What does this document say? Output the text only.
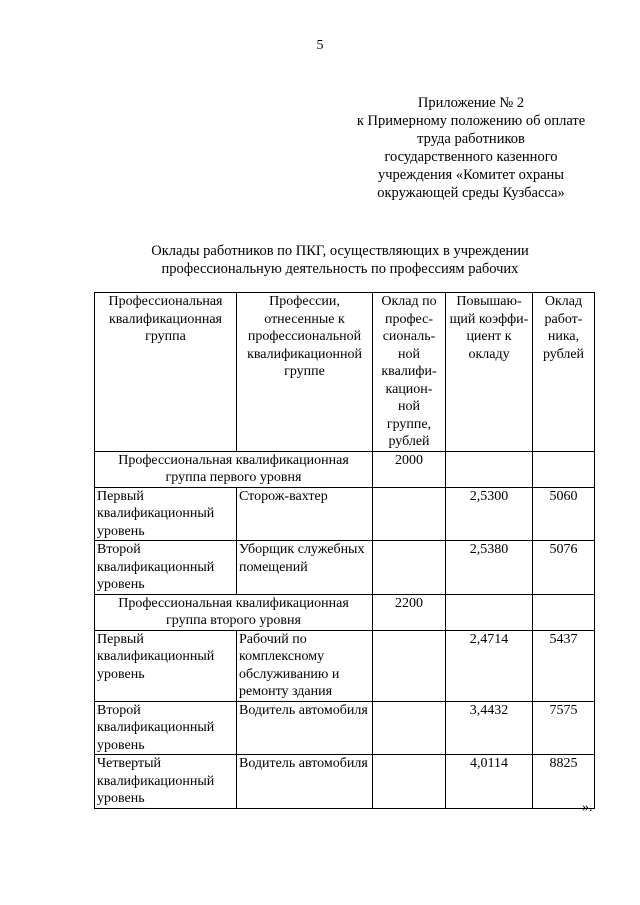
5
Приложение № 2
к Примерному положению об оплате
труда работников
государственного казенного
учреждения «Комитет охраны
окружающей среды Кузбасса»
Оклады работников по ПКГ, осуществляющих в учреждении
профессиональную деятельность по профессиям рабочих
Профессиональная квалификационная группа	Профессии, отнесенные к профессиональной квалификационной группе	Оклад по профес-сиональ-ной квалифи-кацион-ной группе, рублей	Повышаю-щий коэффи-циент к окладу	Оклад работ-ника, рублей
Профессиональная квалификационная группа первого уровня		2000		
Первый квалификационный уровень	Сторож-вахтер		2,5300	5060
Второй квалификационный уровень	Уборщик служебных помещений		2,5380	5076
Профессиональная квалификационная группа второго уровня		2200		
Первый квалификационный уровень	Рабочий по комплексному обслуживанию и ремонту здания		2,4714	5437
Второй квалификационный уровень	Водитель автомобиля		3,4432	7575
Четвертый квалификационный уровень	Водитель автомобиля		4,0114	8825
».
